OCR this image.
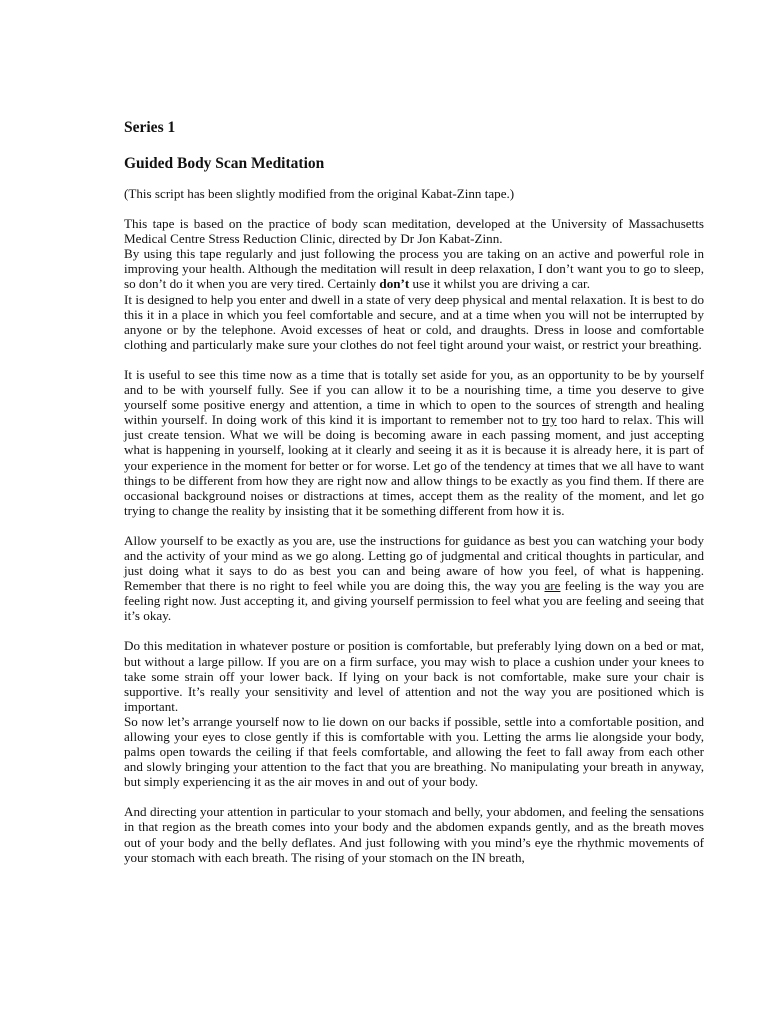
Series 1
Guided Body Scan Meditation

(This script has been slightly modified from the original Kabat-Zinn tape.)

This tape is based on the practice of body scan meditation, developed at the University of Massachusetts Medical Centre Stress Reduction Clinic, directed by Dr Jon Kabat-Zinn.

By using this tape regularly and just following the process you are taking on an active and powerful role in improving your health. Although the meditation will result in deep relaxation, I don’t want you to go to sleep, so don’t do it when you are very tired. Certainly don’t use it whilst you are driving a car.

It is designed to help you enter and dwell in a state of very deep physical and mental relaxation. It is best to do this it in a place in which you feel comfortable and secure, and at a time when you will not be interrupted by anyone or by the telephone. Avoid excesses of heat or cold, and draughts. Dress in loose and comfortable clothing and particularly make sure your clothes do not feel tight around your waist, or restrict your breathing.

It is useful to see this time now as a time that is totally set aside for you, as an opportunity to be by yourself and to be with yourself fully. See if you can allow it to be a nourishing time, a time you deserve to give yourself some positive energy and attention, a time in which to open to the sources of strength and healing within yourself. In doing work of this kind it is important to remember not to try too hard to relax. This will just create tension. What we will be doing is becoming aware in each passing moment, and just accepting what is happening in yourself, looking at it clearly and seeing it as it is because it is already here, it is part of your experience in the moment for better or for worse. Let go of the tendency at times that we all have to want things to be different from how they are right now and allow things to be exactly as you find them. If there are occasional background noises or distractions at times, accept them as the reality of the moment, and let go trying to change the reality by insisting that it be something different from how it is.

Allow yourself to be exactly as you are, use the instructions for guidance as best you can watching your body and the activity of your mind as we go along. Letting go of judgmental and critical thoughts in particular, and just doing what it says to do as best you can and being aware of how you feel, of what is happening. Remember that there is no right to feel while you are doing this, the way you are feeling is the way you are feeling right now. Just accepting it, and giving yourself permission to feel what you are feeling and seeing that it’s okay.

Do this meditation in whatever posture or position is comfortable, but preferably lying down on a bed or mat, but without a large pillow. If you are on a firm surface, you may wish to place a cushion under your knees to take some strain off your lower back. If lying on your back is not comfortable, make sure your chair is supportive. It’s really your sensitivity and level of attention and not the way you are positioned which is important.

So now let’s arrange yourself now to lie down on our backs if possible, settle into a comfortable position, and allowing your eyes to close gently if this is comfortable with you. Letting the arms lie alongside your body, palms open towards the ceiling if that feels comfortable, and allowing the feet to fall away from each other and slowly bringing your attention to the fact that you are breathing. No manipulating your breath in anyway, but simply experiencing it as the air moves in and out of your body.

And directing your attention in particular to your stomach and belly, your abdomen, and feeling the sensations in that region as the breath comes into your body and the abdomen expands gently, and as the breath moves out of your body and the belly deflates. And just following with you mind’s eye the rhythmic movements of your stomach with each breath. The rising of your stomach on the IN breath,
